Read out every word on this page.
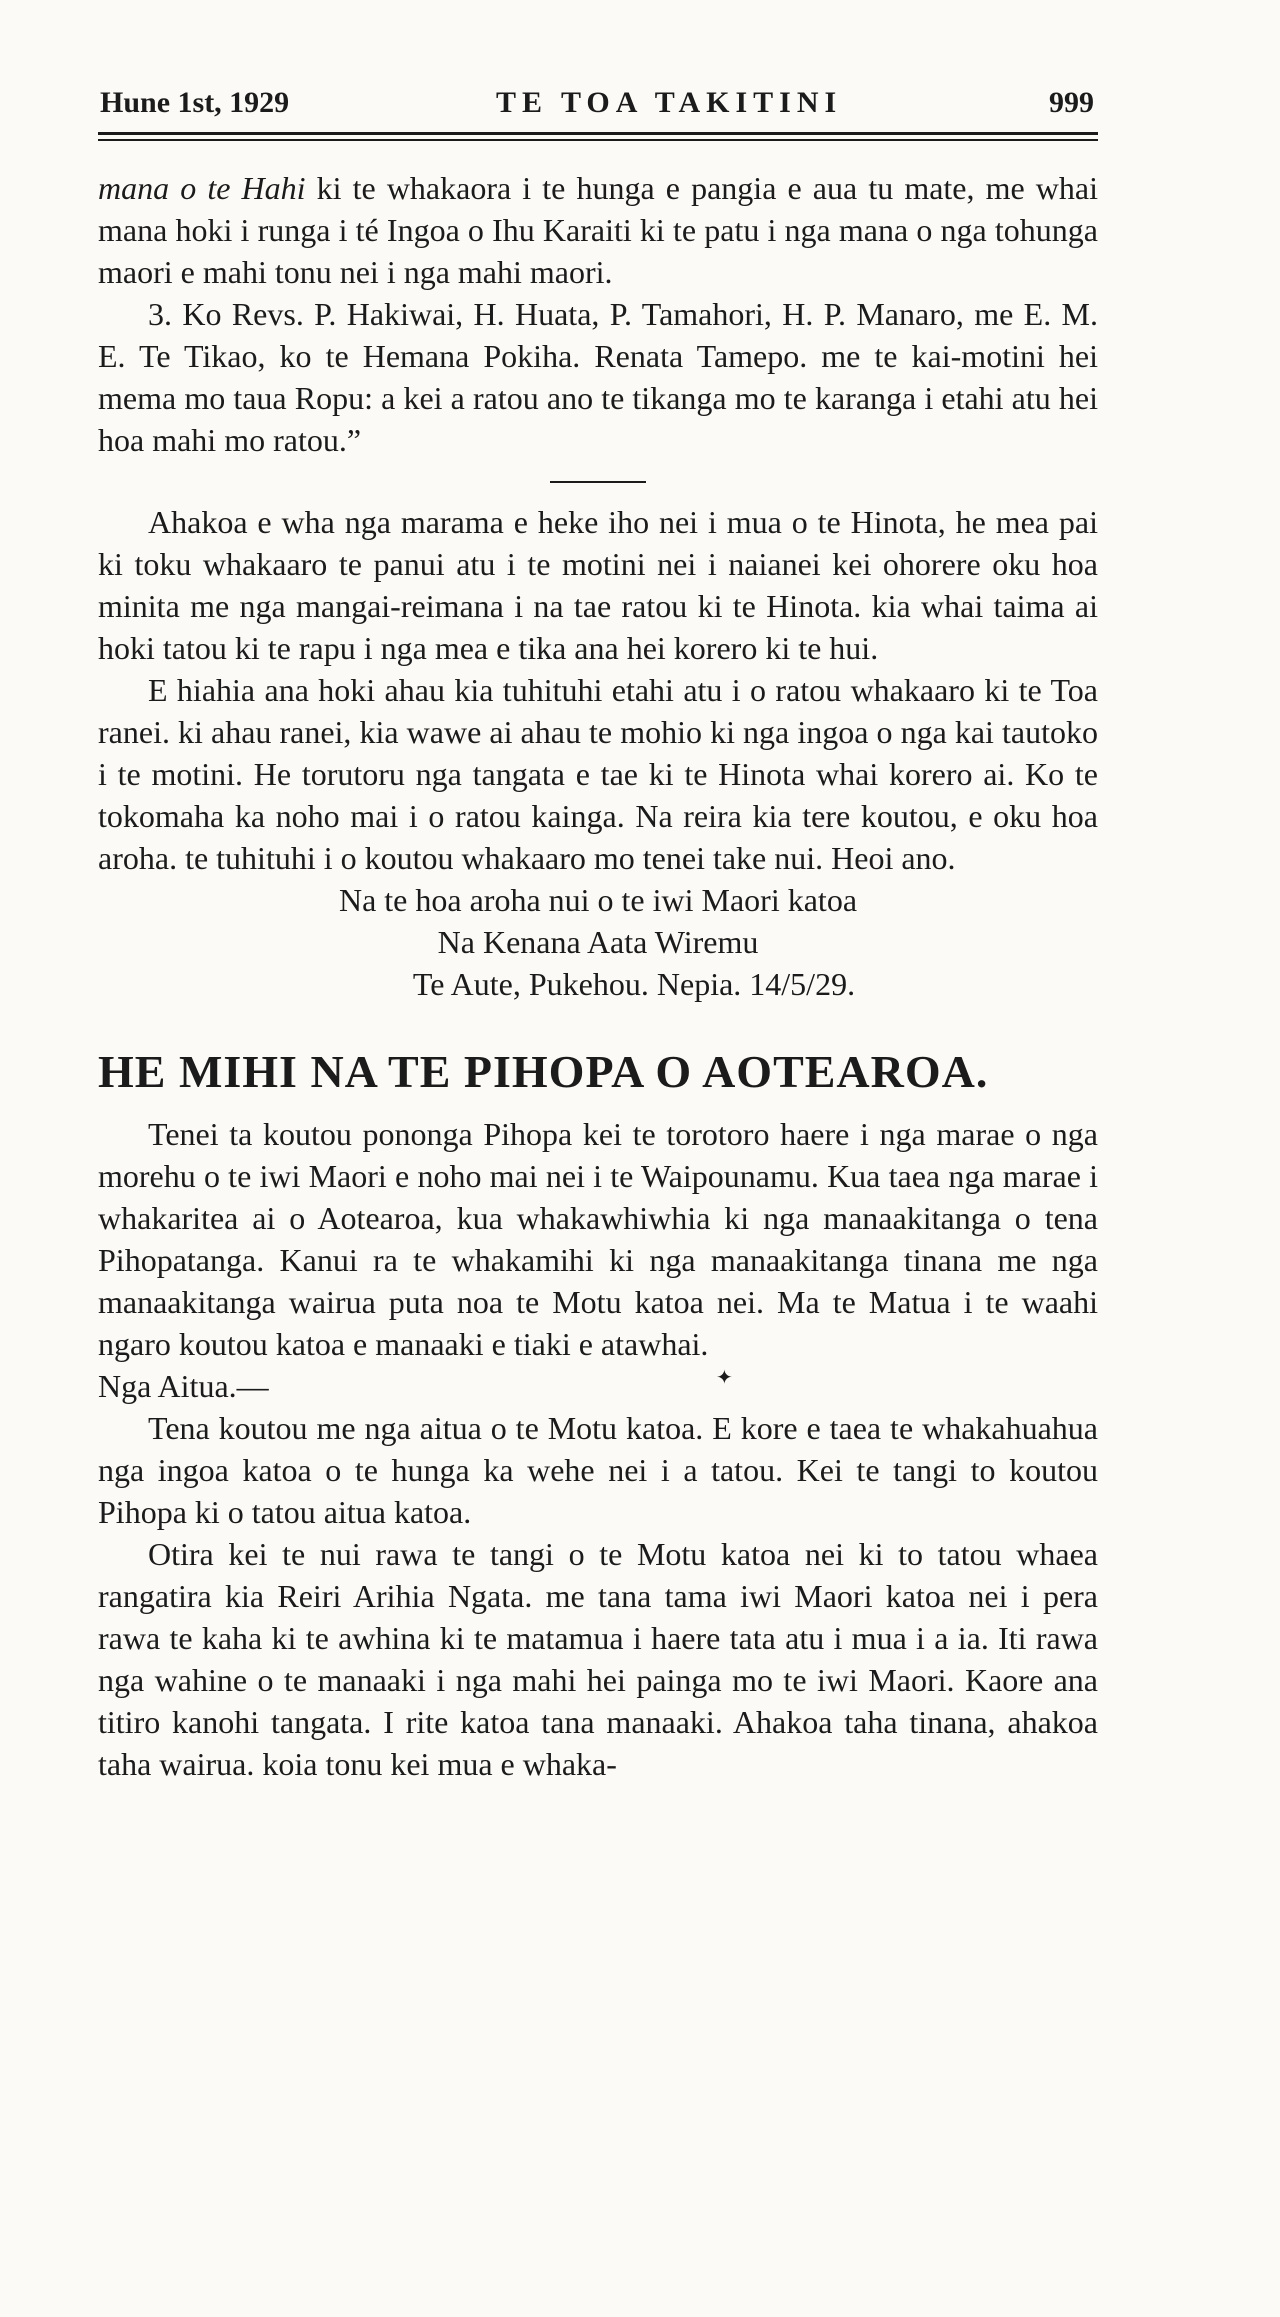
Hune 1st, 1929	TE TOA TAKITINI	999

mana o te Hahi ki te whakaora i te hunga e pangia e aua tu mate, me whai mana hoki i runga i té Ingoa o Ihu Karaiti ki te patu i nga mana o nga tohunga maori e mahi tonu nei i nga mahi maori.

3. Ko Revs. P. Hakiwai, H. Huata, P. Tamahori, H. P. Manaro, me E. M. E. Te Tikao, ko te Hemana Pokiha. Renata Tamepo. me te kai-motini hei mema mo taua Ropu: a kei a ratou ano te tikanga mo te karanga i etahi atu hei hoa mahi mo ratou.”

Ahakoa e wha nga marama e heke iho nei i mua o te Hinota, he mea pai ki toku whakaaro te panui atu i te motini nei i naianei kei ohorere oku hoa minita me nga mangai-reimana i na tae ratou ki te Hinota. kia whai taima ai hoki tatou ki te rapu i nga mea e tika ana hei korero ki te hui.

E hiahia ana hoki ahau kia tuhituhi etahi atu i o ratou whakaaro ki te Toa ranei. ki ahau ranei, kia wawe ai ahau te mohio ki nga ingoa o nga kai tautoko i te motini. He torutoru nga tangata e tae ki te Hinota whai korero ai. Ko te tokomaha ka noho mai i o ratou kainga. Na reira kia tere koutou, e oku hoa aroha. te tuhituhi i o koutou whakaaro mo tenei take nui. Heoi ano.

Na te hoa aroha nui o te iwi Maori katoa
Na Kenana Aata Wiremu
Te Aute, Pukehou. Nepia. 14/5/29.
HE MIHI NA TE PIHOPA O AOTEAROA.

Tenei ta koutou pononga Pihopa kei te torotoro haere i nga marae o nga morehu o te iwi Maori e noho mai nei i te Waipounamu. Kua taea nga marae i whakaritea ai o Aotearoa, kua whakawhiwhia ki nga manaakitanga o tena Pihopatanga. Kanui ra te whakamihi ki nga manaakitanga tinana me nga manaakitanga wairua puta noa te Motu katoa nei. Ma te Matua i te waahi ngaro koutou katoa e manaaki e tiaki e atawhai.

Nga Aitua.—	✦

Tena koutou me nga aitua o te Motu katoa. E kore e taea te whakahuahua nga ingoa katoa o te hunga ka wehe nei i a tatou. Kei te tangi to koutou Pihopa ki o tatou aitua katoa.

Otira kei te nui rawa te tangi o te Motu katoa nei ki to tatou whaea rangatira kia Reiri Arihia Ngata. me tana tama iwi Maori katoa nei i pera rawa te kaha ki te awhina ki te matamua i haere tata atu i mua i a ia. Iti rawa nga wahine o te manaaki i nga mahi hei painga mo te iwi Maori. Kaore ana titiro kanohi tangata. I rite katoa tana manaaki. Ahakoa taha tinana, ahakoa taha wairua. koia tonu kei mua e whaka-
